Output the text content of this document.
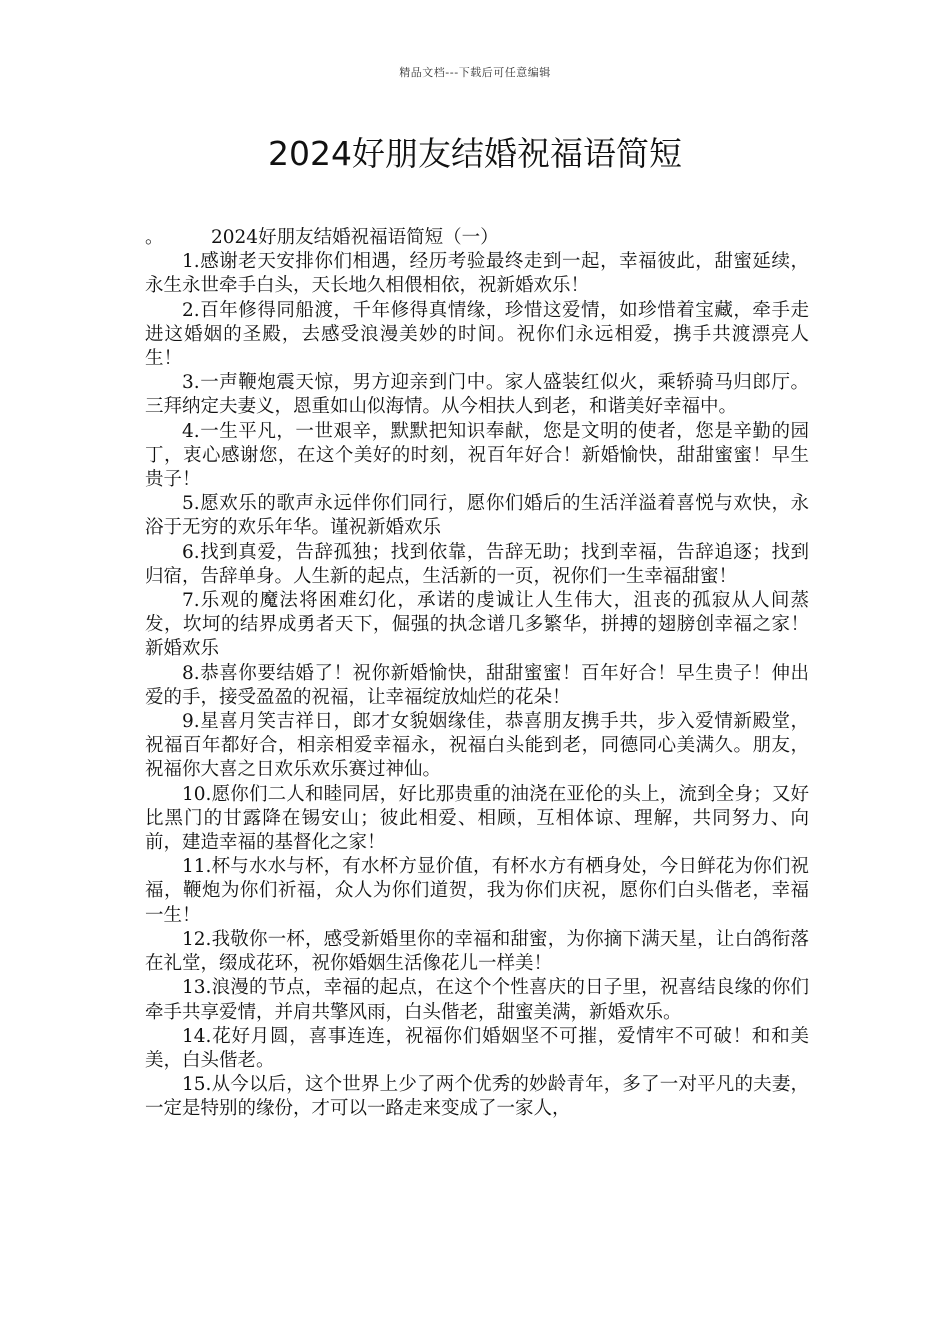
精品文档---下载后可任意编辑
2024好朋友结婚祝福语简短
。	2024好朋友结婚祝福语简短（一）

1.感谢老天安排你们相遇，经历考验最终走到一起，幸福彼此，甜蜜延续，永生永世牵手白头，天长地久相偎相依，祝新婚欢乐！

2.百年修得同船渡，千年修得真情缘，珍惜这爱情，如珍惜着宝藏，牵手走进这婚姻的圣殿，去感受浪漫美妙的时间。祝你们永远相爱，携手共渡漂亮人生！

3.一声鞭炮震天惊，男方迎亲到门中。家人盛装红似火，乘轿骑马归郎厅。三拜纳定夫妻义，恩重如山似海情。从今相扶人到老，和谐美好幸福中。

4.一生平凡，一世艰辛，默默把知识奉献，您是文明的使者，您是辛勤的园丁，衷心感谢您，在这个美好的时刻，祝百年好合！新婚愉快，甜甜蜜蜜！早生贵子！

5.愿欢乐的歌声永远伴你们同行，愿你们婚后的生活洋溢着喜悦与欢快，永浴于无穷的欢乐年华。谨祝新婚欢乐

6.找到真爱，告辞孤独；找到依靠，告辞无助；找到幸福，告辞追逐；找到归宿，告辞单身。人生新的起点，生活新的一页，祝你们一生幸福甜蜜！

7.乐观的魔法将困难幻化，承诺的虔诚让人生伟大，沮丧的孤寂从人间蒸发，坎坷的结界成勇者天下，倔强的执念谱几多繁华，拼搏的翅膀创幸福之家！新婚欢乐

8.恭喜你要结婚了！祝你新婚愉快，甜甜蜜蜜！百年好合！早生贵子！伸出爱的手，接受盈盈的祝福，让幸福绽放灿烂的花朵！

9.星喜月笑吉祥日，郎才女貌姻缘佳，恭喜朋友携手共，步入爱情新殿堂，祝福百年都好合，相亲相爱幸福永，祝福白头能到老，同德同心美满久。朋友，祝福你大喜之日欢乐欢乐赛过神仙。

10.愿你们二人和睦同居，好比那贵重的油浇在亚伦的头上，流到全身；又好比黑门的甘露降在锡安山；彼此相爱、相顾，互相体谅、理解，共同努力、向前，建造幸福的基督化之家！

11.杯与水水与杯，有水杯方显价值，有杯水方有栖身处，今日鲜花为你们祝福，鞭炮为你们祈福，众人为你们道贺，我为你们庆祝，愿你们白头偕老，幸福一生！

12.我敬你一杯，感受新婚里你的幸福和甜蜜，为你摘下满天星，让白鸽衔落在礼堂，缀成花环，祝你婚姻生活像花儿一样美！

13.浪漫的节点，幸福的起点，在这个个性喜庆的日子里，祝喜结良缘的你们牵手共享爱情，并肩共擎风雨，白头偕老，甜蜜美满，新婚欢乐。

14.花好月圆，喜事连连，祝福你们婚姻坚不可摧，爱情牢不可破！和和美美，白头偕老。

15.从今以后，这个世界上少了两个优秀的妙龄青年，多了一对平凡的夫妻，一定是特别的缘份，才可以一路走来变成了一家人，
